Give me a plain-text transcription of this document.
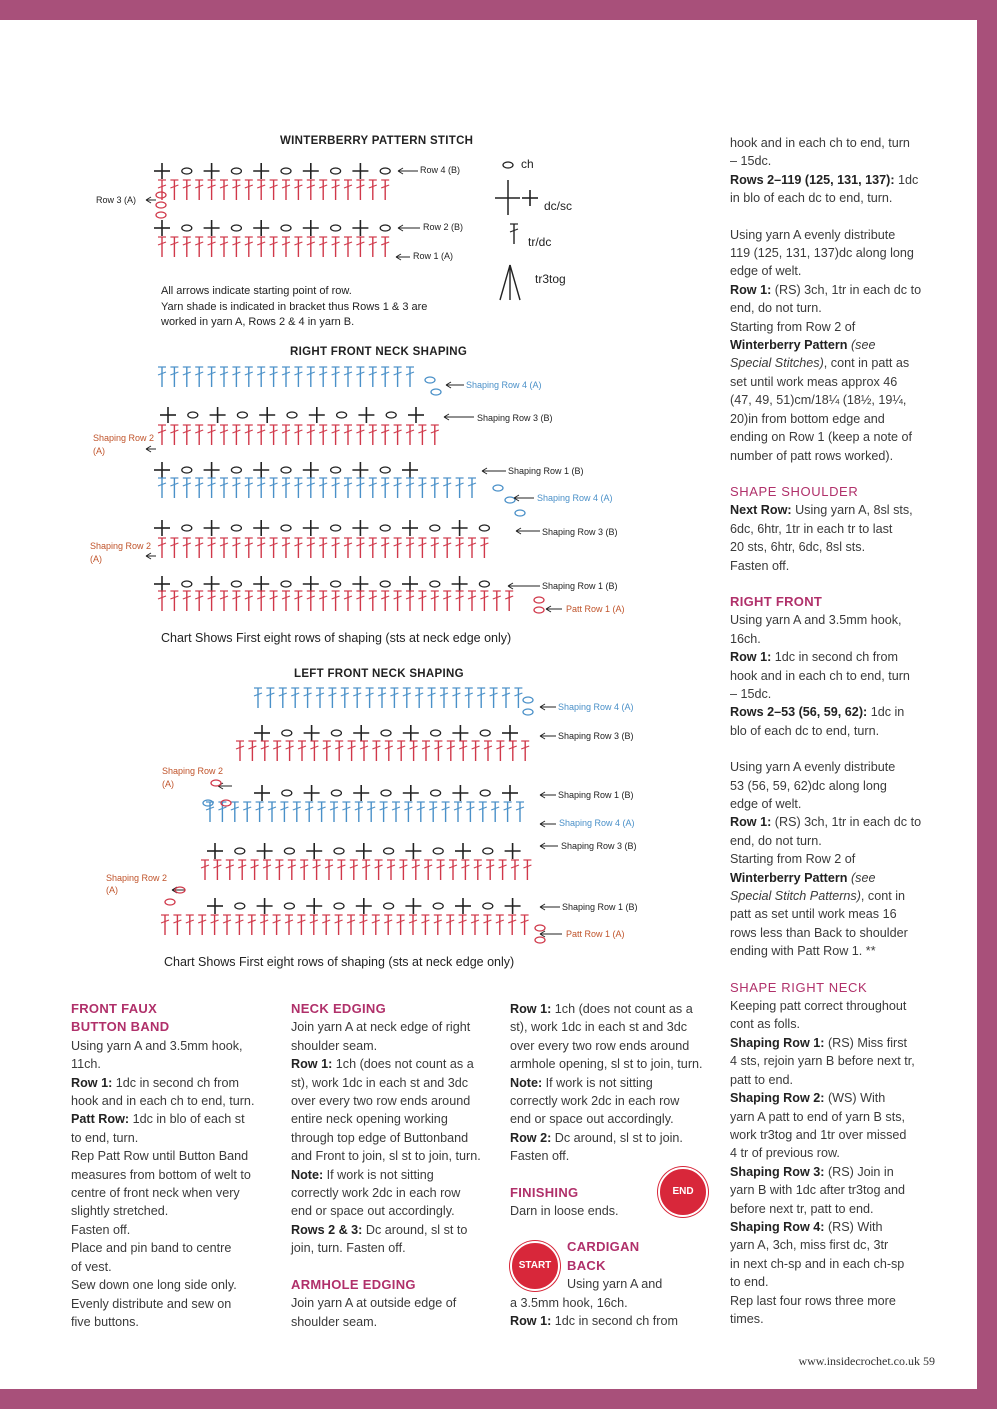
WINTERBERRY PATTERN STITCH
Row 4 (B)
Row 3 (A)
Row 2 (B)
Row 1 (A)
ch
dc/sc
tr/dc
tr3tog
All arrows indicate starting point of row.
Yarn shade is indicated in bracket thus Rows 1 & 3 are
worked in yarn A, Rows 2 & 4 in yarn B.
RIGHT FRONT NECK SHAPING
Shaping Row 4 (A)
Shaping Row 3 (B)
Shaping Row 2
(A)
Shaping Row 1 (B)
Shaping Row 4 (A)
Shaping Row 3 (B)
Shaping Row 2
(A)
Shaping Row 1 (B)
Patt Row 1 (A)
Chart Shows First eight rows of shaping (sts at neck edge only)
LEFT FRONT NECK SHAPING
Shaping Row 4 (A)
Shaping Row 3 (B)
Shaping Row 2
(A)
Shaping Row 1 (B)
Shaping Row 4 (A)
Shaping Row 3 (B)
Shaping Row 2
(A)
Shaping Row 1 (B)
Patt Row 1 (A)
Chart Shows First eight rows of shaping (sts at neck edge only)

FRONT FAUX

BUTTON BAND

Using yarn A and 3.5mm hook,

11ch.

Row 1: 1dc in second ch from

hook and in each ch to end, turn.

Patt Row: 1dc in blo of each st

to end, turn.

Rep Patt Row until Button Band

measures from bottom of welt to

centre of front neck when very

slightly stretched.

Fasten off.

Place and pin band to centre

of vest.

Sew down one long side only.

Evenly distribute and sew on

five buttons.

NECK EDGING

Join yarn A at neck edge of right

shoulder seam.

Row 1: 1ch (does not count as a

st), work 1dc in each st and 3dc

over every two row ends around

entire neck opening working

through top edge of Buttonband

and Front to join, sl st to join, turn.

Note: If work is not sitting

correctly work 2dc in each row

end or space out accordingly.

Rows 2 & 3: Dc around, sl st to

join, turn. Fasten off.

ARMHOLE EDGING

Join yarn A at outside edge of

shoulder seam.

Row 1: 1ch (does not count as a

st), work 1dc in each st and 3dc

over every two row ends around

armhole opening, sl st to join, turn.

Note: If work is not sitting

correctly work 2dc in each row

end or space out accordingly.

Row 2: Dc around, sl st to join.

Fasten off.

FINISHING

Darn in loose ends.

CARDIGAN

BACK

Using yarn A and

a 3.5mm hook, 16ch.

Row 1: 1dc in second ch from

END
START

hook and in each ch to end, turn

– 15dc.

Rows 2–119 (125, 131, 137): 1dc

in blo of each dc to end, turn.

Using yarn A evenly distribute

119 (125, 131, 137)dc along long

edge of welt.

Row 1: (RS) 3ch, 1tr in each dc to

end, do not turn.

Starting from Row 2 of

Winterberry Pattern (see

Special Stitches), cont in patt as

set until work meas approx 46

(47, 49, 51)cm/18¼ (18½, 19¼,

20)in from bottom edge and

ending on Row 1 (keep a note of

number of patt rows worked).

SHAPE SHOULDER

Next Row: Using yarn A, 8sl sts,

6dc, 6htr, 1tr in each tr to last

20 sts, 6htr, 6dc, 8sl sts.

Fasten off.

RIGHT FRONT

Using yarn A and 3.5mm hook,

16ch.

Row 1: 1dc in second ch from

hook and in each ch to end, turn

– 15dc.

Rows 2–53 (56, 59, 62): 1dc in

blo of each dc to end, turn.

Using yarn A evenly distribute

53 (56, 59, 62)dc along long

edge of welt.

Row 1: (RS) 3ch, 1tr in each dc to

end, do not turn.

Starting from Row 2 of

Winterberry Pattern (see

Special Stitch Patterns), cont in

patt as set until work meas 16

rows less than Back to shoulder

ending with Patt Row 1. **

SHAPE RIGHT NECK

Keeping patt correct throughout

cont as folls.

Shaping Row 1: (RS) Miss first

4 sts, rejoin yarn B before next tr,

patt to end.

Shaping Row 2: (WS) With

yarn A patt to end of yarn B sts,

work tr3tog and 1tr over missed

4 tr of previous row.

Shaping Row 3: (RS) Join in

yarn B with 1dc after tr3tog and

before next tr, patt to end.

Shaping Row 4: (RS) With

yarn A, 3ch, miss first dc, 3tr

in next ch-sp and in each ch-sp

to end.

Rep last four rows three more

times.

www.insidecrochet.co.uk 59
